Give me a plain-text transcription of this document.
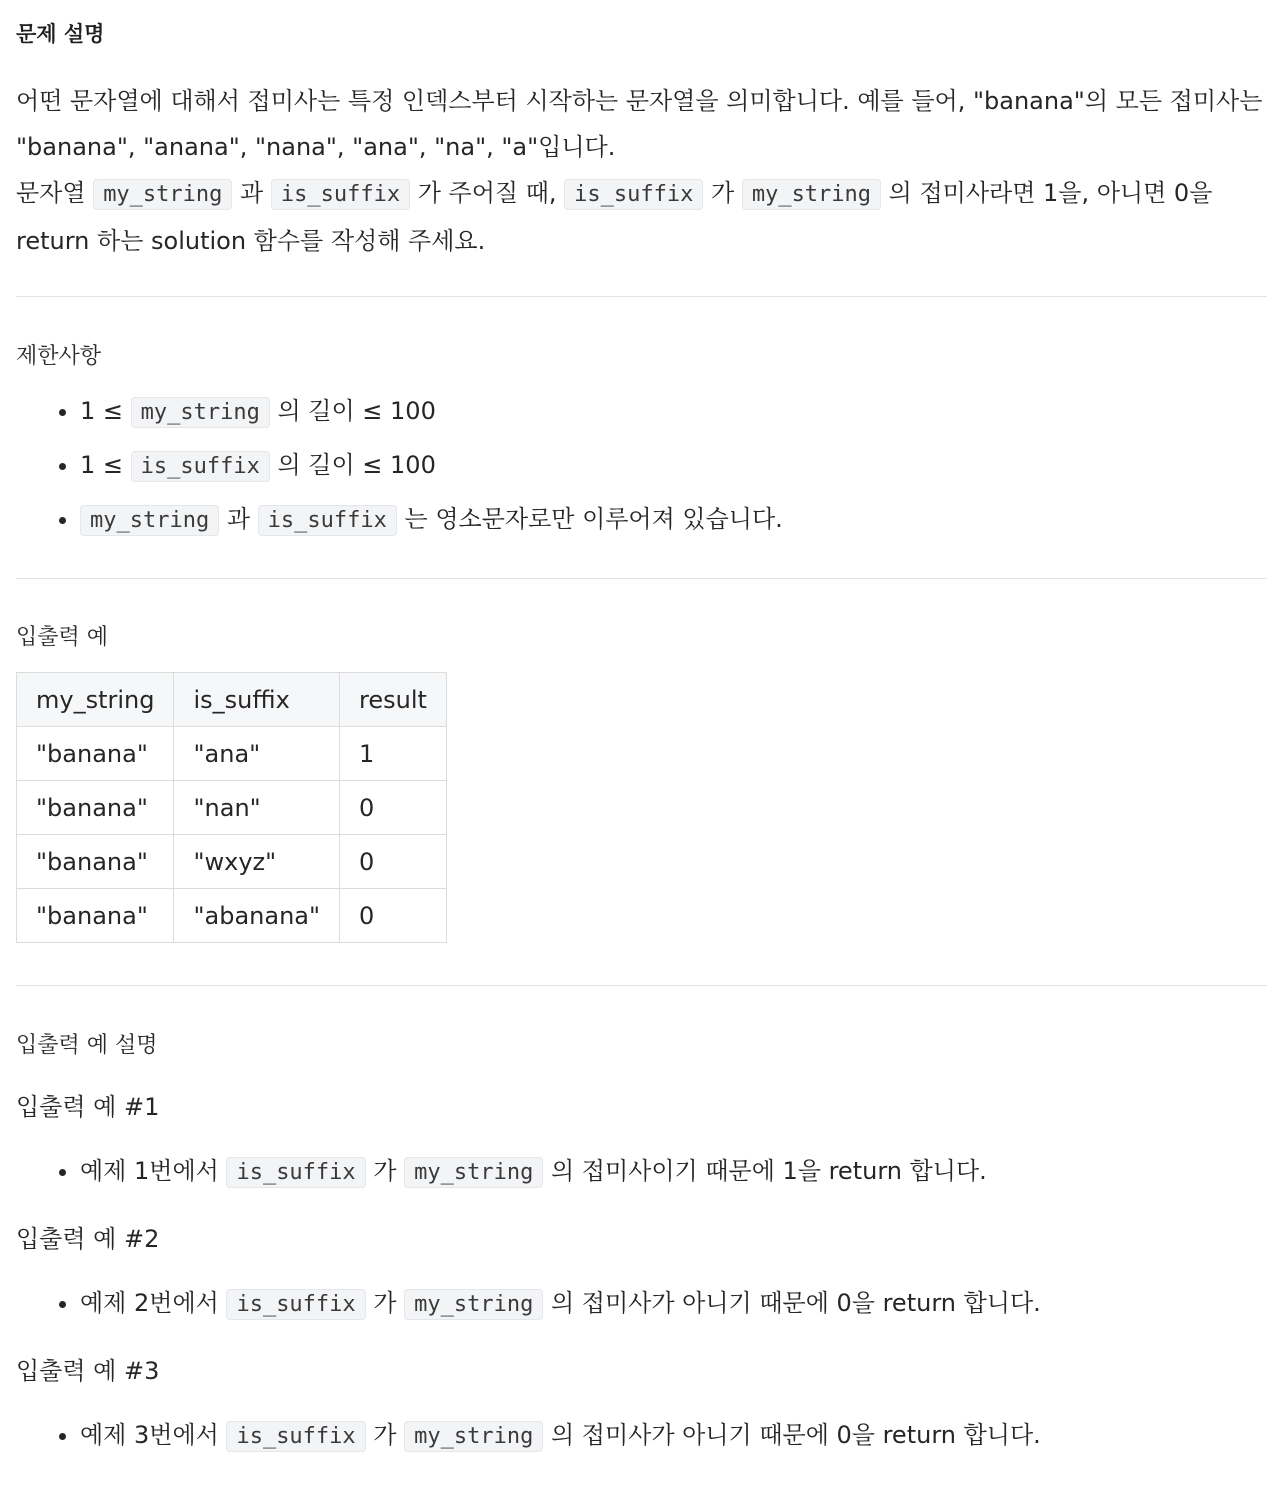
문제 설명
어떤 문자열에 대해서 접미사는 특정 인덱스부터 시작하는 문자열을 의미합니다. 예를 들어, "banana"의 모든 접미사는
"banana", "anana", "nana", "ana", "na", "a"입니다.
문자열 my_string 과 is_suffix 가 주어질 때, is_suffix 가 my_string 의 접미사라면 1을, 아니면 0을
return 하는 solution 함수를 작성해 주세요.
제한사항
• 1 ≤ my_string 의 길이 ≤ 100
• 1 ≤ is_suffix 의 길이 ≤ 100
• my_string 과 is_suffix 는 영소문자로만 이루어져 있습니다.
입출력 예
my_string	is_suffix	result
"banana"	"ana"	1
"banana"	"nan"	0
"banana"	"wxyz"	0
"banana"	"abanana"	0
입출력 예 설명
입출력 예 #1
• 예제 1번에서 is_suffix 가 my_string 의 접미사이기 때문에 1을 return 합니다.
입출력 예 #2
• 예제 2번에서 is_suffix 가 my_string 의 접미사가 아니기 때문에 0을 return 합니다.
입출력 예 #3
• 예제 3번에서 is_suffix 가 my_string 의 접미사가 아니기 때문에 0을 return 합니다.
